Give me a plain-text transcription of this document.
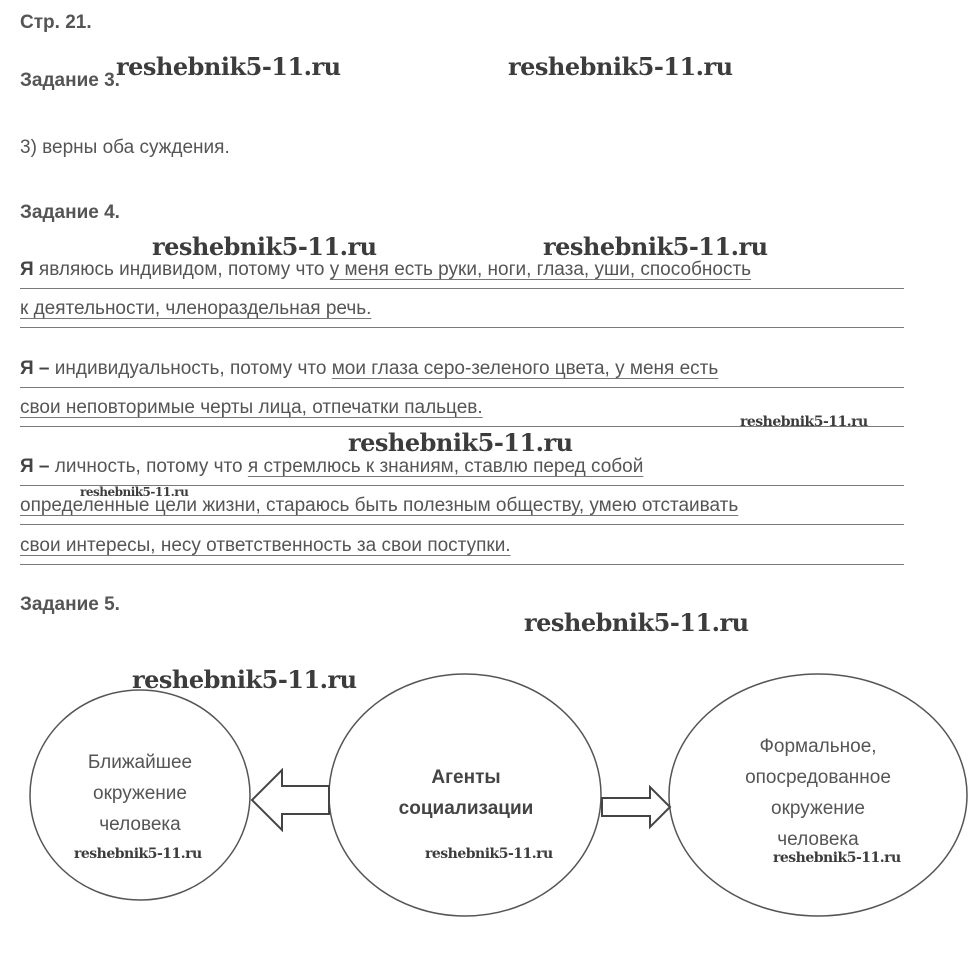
Стр. 21.
Задание 3.
3) верны оба суждения.
Задание 4.
Я являюсь индивидом, потому что у меня есть руки, ноги, глаза, уши, способность
к деятельности, членораздельная речь.
Я – индивидуальность, потому что мои глаза серо-зеленого цвета, у меня есть
свои неповторимые черты лица, отпечатки пальцев.
Я – личность, потому что я стремлюсь к знаниям, ставлю перед собой
определенные цели жизни, стараюсь быть полезным обществу, умею отстаивать
свои интересы, несу ответственность за свои поступки.
Задание 5.
Ближайшее
окружение
человека
Агенты
социализации
Формальное,
опосредованное
окружение
человека
reshebnik5-11.ru	reshebnik5-11.ru
reshebnik5-11.ru	reshebnik5-11.ru
reshebnik5-11.ru
reshebnik5-11.ru
reshebnik5-11.ru
reshebnik5-11.ru
reshebnik5-11.ru
reshebnik5-11.ru	reshebnik5-11.ru	reshebnik5-11.ru
